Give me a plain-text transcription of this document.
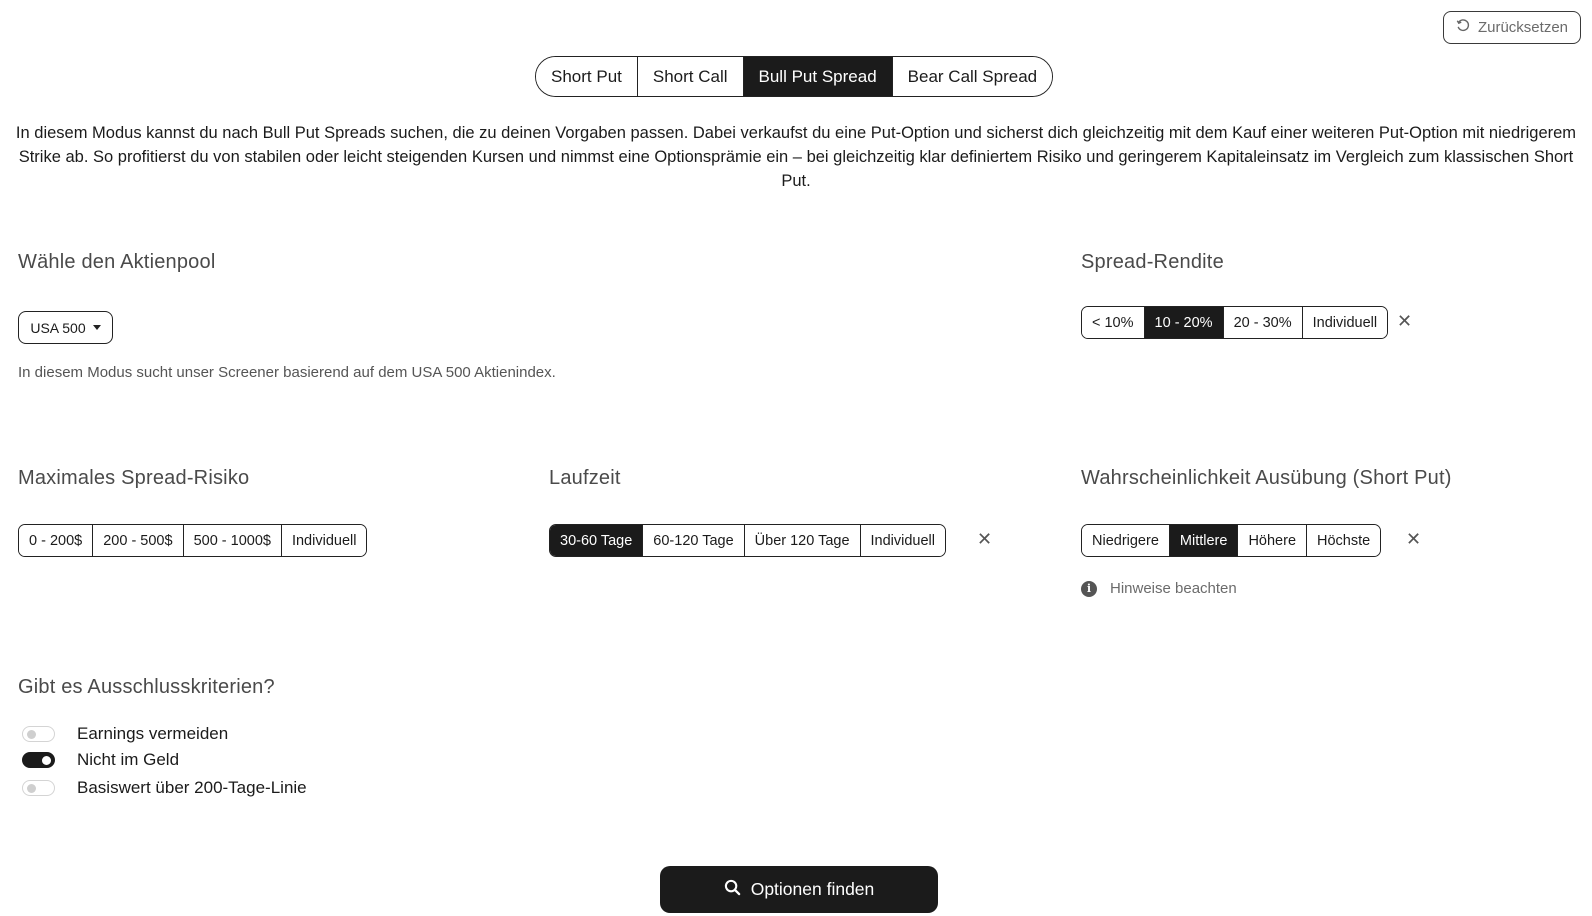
Zurücksetzen
Short Put	Short Call	Bull Put Spread	Bear Call Spread

In diesem Modus kannst du nach Bull Put Spreads suchen, die zu deinen Vorgaben passen. Dabei verkaufst du eine Put-Option und sicherst dich gleichzeitig mit dem Kauf einer weiteren Put-Option mit niedrigerem Strike ab. So profitierst du von stabilen oder leicht steigenden Kursen und nimmst eine Optionsprämie ein – bei gleichzeitig klar definiertem Risiko und geringerem Kapitaleinsatz im Vergleich zum klassischen Short Put.

Wähle den Aktienpool
USA 500
In diesem Modus sucht unser Screener basierend auf dem USA 500 Aktienindex.
Spread-Rendite
< 10%	10 - 20%	20 - 30%	Individuell	✕
Maximales Spread-Risiko
0 - 200$	200 - 500$	500 - 1000$	Individuell
Laufzeit
30-60 Tage	60-120 Tage	Über 120 Tage	Individuell	✕
Wahrscheinlichkeit Ausübung (Short Put)
Niedrigere	Mittlere	Höhere	Höchste	✕
i	Hinweise beachten
Gibt es Ausschlusskriterien?
Earnings vermeiden
Nicht im Geld
Basiswert über 200-Tage-Linie
Optionen finden
